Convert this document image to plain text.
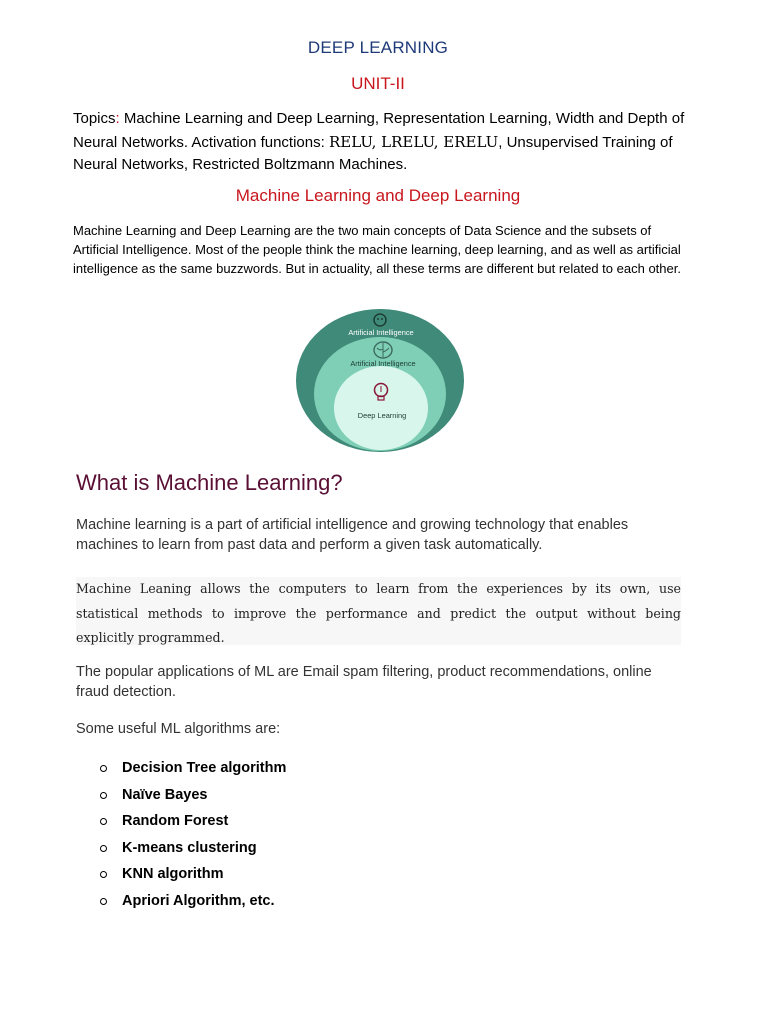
DEEP LEARNING
UNIT-II
Topics: Machine Learning and Deep Learning, Representation Learning, Width and Depth of Neural Networks. Activation functions: RELU, LRELU, ERELU, Unsupervised Training of Neural Networks, Restricted Boltzmann Machines.
Machine Learning and Deep Learning
Machine Learning and Deep Learning are the two main concepts of Data Science and the subsets of Artificial Intelligence. Most of the people think the machine learning, deep learning, and as well as artificial intelligence as the same buzzwords. But in actuality, all these terms are different but related to each other.
Artificial Intelligence
Artificial Intelligence
Deep Learning
What is Machine Learning?
Machine learning is a part of artificial intelligence and growing technology that enables machines to learn from past data and perform a given task automatically.

Machine Leaning allows the computers to learn from the experiences by its own, use statistical methods to improve the performance and predict the output without being explicitly programmed.

The popular applications of ML are Email spam filtering, product recommendations, online fraud detection.
Some useful ML algorithms are:
Decision Tree algorithm
Naïve Bayes
Random Forest
K-means clustering
KNN algorithm
Apriori Algorithm, etc.
